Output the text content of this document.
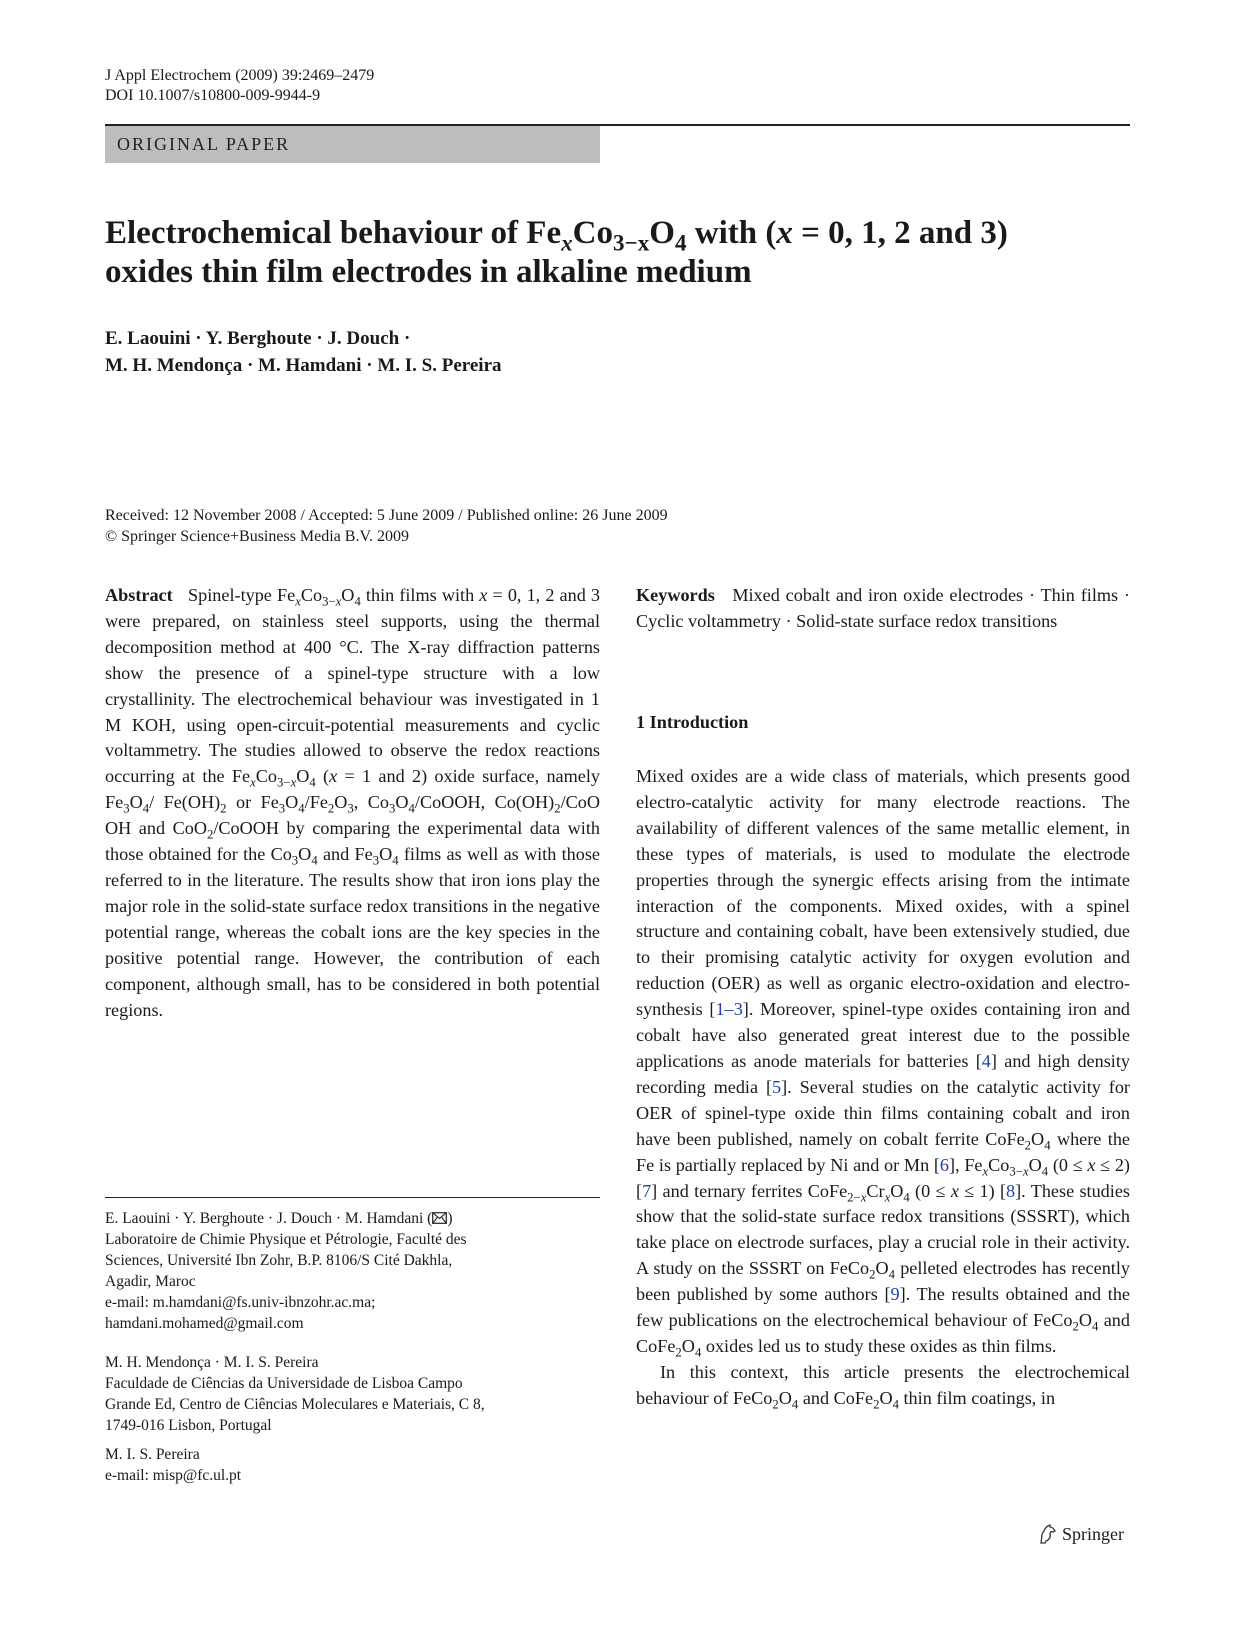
J Appl Electrochem (2009) 39:2469–2479
DOI 10.1007/s10800-009-9944-9
ORIGINAL PAPER
Electrochemical behaviour of $Fe_xCo_{3-x}O_4$ with (x = 0, 1, 2 and 3)
oxides thin film electrodes in alkaline medium
E. Laouini · Y. Berghoute · J. Douch ·
M. H. Mendonça · M. Hamdani · M. I. S. Pereira
Received: 12 November 2008 / Accepted: 5 June 2009 / Published online: 26 June 2009
© Springer Science+Business Media B.V. 2009
Abstract Spinel-type $Fe_xCo_{3-x}O_4$ thin films with x = 0, 1, 2 and 3 were prepared, on stainless steel supports, using the thermal decomposition method at 400 °C. The X-ray diffraction patterns show the presence of a spinel-type structure with a low crystallinity. The electrochemical behaviour was investigated in 1 M KOH, using open-circuit-potential measurements and cyclic voltammetry. The studies allowed to observe the redox reactions occurring at the $Fe_xCo_{3-x}O_4$ (x = 1 and 2) oxide surface, namely $Fe_3O_4/$ $Fe(OH)_2$ or $Fe_3O_4/Fe_2O_3$, $Co_3O_4$/CoOOH, $Co(OH)_2$/CoO OH and CoO$_2$/CoOOH by comparing the experimental data with those obtained for the $Co_3O_4$ and $Fe_3O_4$ films as well as with those referred to in the literature. The results show that iron ions play the major role in the solid-state surface redox transitions in the negative potential range, whereas the cobalt ions are the key species in the positive potential range. However, the contribution of each component, although small, has to be considered in both potential regions.
Keywords Mixed cobalt and iron oxide electrodes · Thin films · Cyclic voltammetry · Solid-state surface redox transitions
1 Introduction

Mixed oxides are a wide class of materials, which presents good electro-catalytic activity for many electrode reactions. The availability of different valences of the same metallic element, in these types of materials, is used to modulate the electrode properties through the synergic effects arising from the intimate interaction of the components. Mixed oxides, with a spinel structure and containing cobalt, have been extensively studied, due to their promising catalytic activity for oxygen evolution and reduction (OER) as well as organic electro-oxidation and electro-synthesis [1–3]. Moreover, spinel-type oxides containing iron and cobalt have also generated great interest due to the possible applications as anode materials for batteries [4] and high density recording media [5]. Several studies on the catalytic activity for OER of spinel-type oxide thin films containing cobalt and iron have been published, namely on cobalt ferrite $CoFe_2O_4$ where the Fe is partially replaced by Ni and or Mn [6], $Fe_xCo_{3-x}O_4$ (0 ≤ x ≤ 2) [7] and ternary ferrites $CoFe_{2-x}Cr_xO_4$ (0 ≤ x ≤ 1) [8]. These studies show that the solid-state surface redox transitions (SSSRT), which take place on electrode surfaces, play a crucial role in their activity. A study on the SSSRT on $FeCo_2O_4$ pelleted electrodes has recently been published by some authors [9]. The results obtained and the few publications on the electrochemical behaviour of $FeCo_2O_4$ and $CoFe_2O_4$ oxides led us to study these oxides as thin films.

In this context, this article presents the electrochemical behaviour of $FeCo_2O_4$ and $CoFe_2O_4$ thin film coatings, in

E. Laouini · Y. Berghoute · J. Douch · M. Hamdani ( )
Laboratoire de Chimie Physique et Pétrologie, Faculté des
Sciences, Université Ibn Zohr, B.P. 8106/S Cité Dakhla,
Agadir, Maroc
e-mail: m.hamdani@fs.univ-ibnzohr.ac.ma;
hamdani.mohamed@gmail.com
M. H. Mendonça · M. I. S. Pereira
Faculdade de Ciências da Universidade de Lisboa Campo
Grande Ed, Centro de Ciências Moleculares e Materiais, C 8,
1749-016 Lisbon, Portugal
M. I. S. Pereira
e-mail: misp@fc.ul.pt
Springer
